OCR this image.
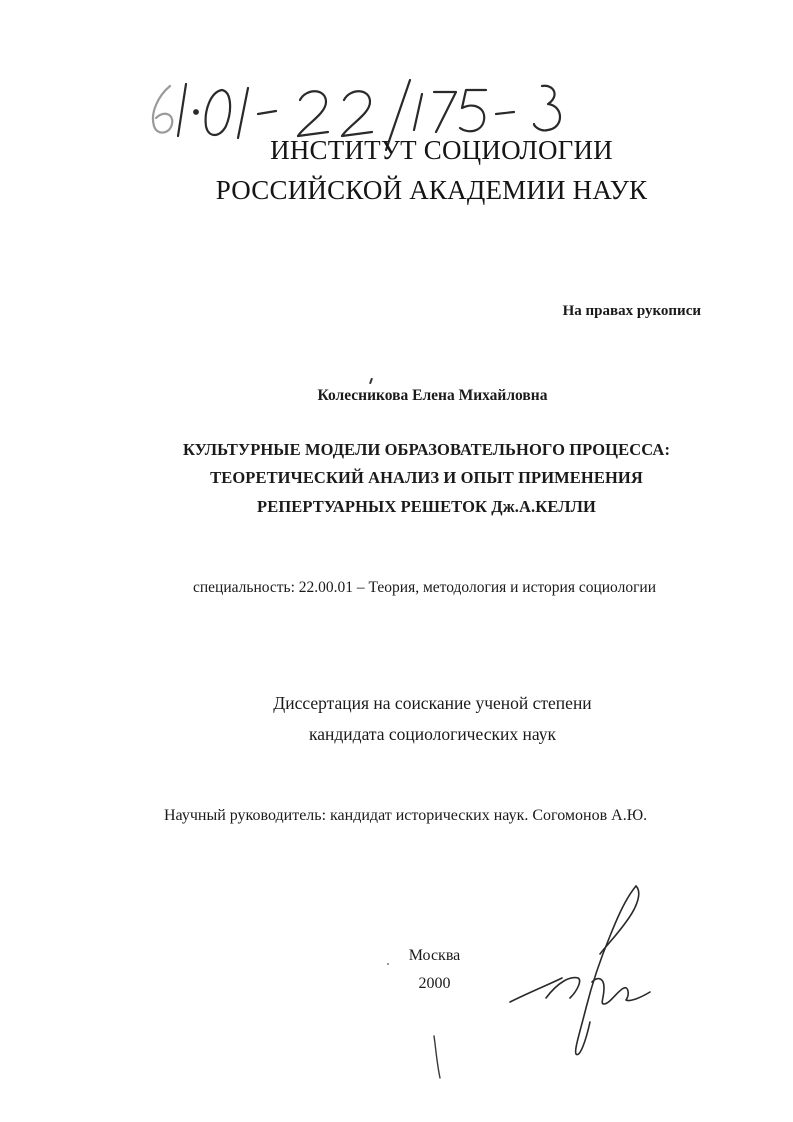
ИНСТИТУТ СОЦИОЛОГИИ
РОССИЙСКОЙ АКАДЕМИИ НАУК
На правах рукописи
Колесникова Елена Михайловна
КУЛЬТУРНЫЕ МОДЕЛИ ОБРАЗОВАТЕЛЬНОГО ПРОЦЕССА:
ТЕОРЕТИЧЕСКИЙ АНАЛИЗ И ОПЫТ ПРИМЕНЕНИЯ
РЕПЕРТУАРНЫХ РЕШЕТОК Дж.А.КЕЛЛИ
специальность: 22.00.01 – Теория, методология и история социологии
Диссертация на соискание ученой степени
кандидата социологических наук
Научный руководитель: кандидат исторических наук. Согомонов А.Ю.
Москва
2000
